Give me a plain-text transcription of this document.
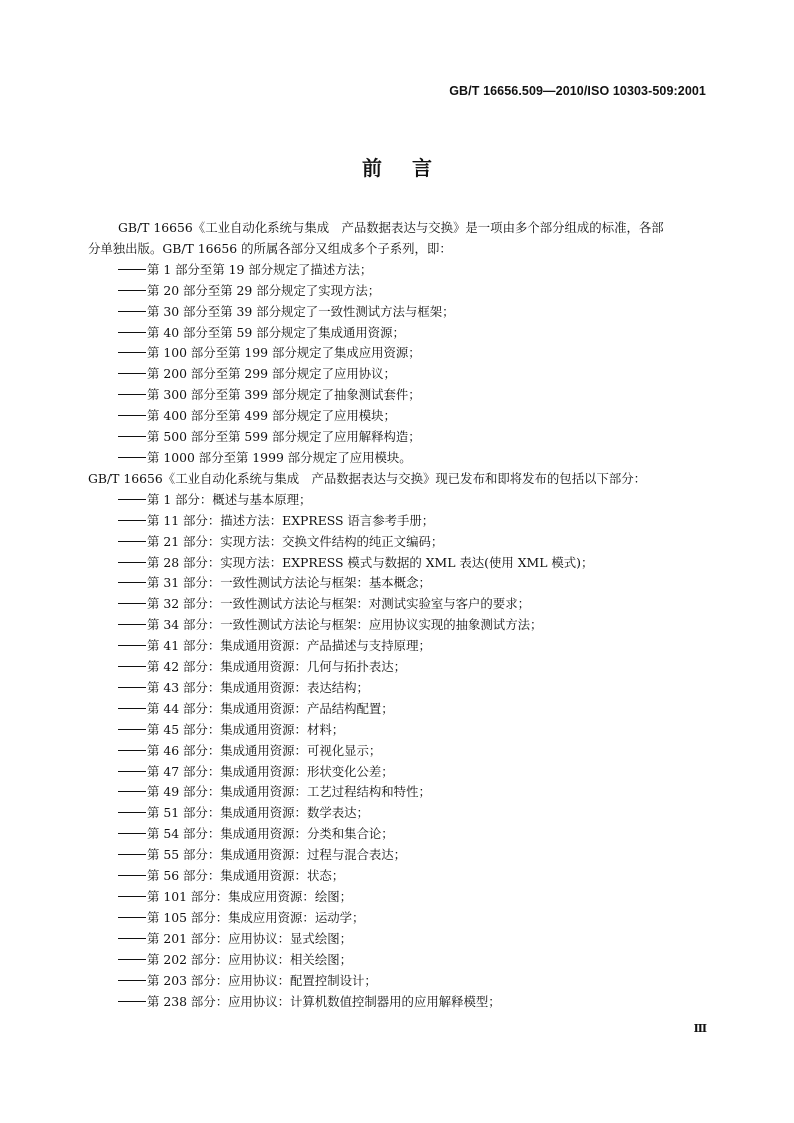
GB/T 16656.509—2010/ISO 10303-509:2001
前言
GB/T 16656《工业自动化系统与集成　产品数据表达与交换》是一项由多个部分组成的标准，各部
分单独出版。GB/T 16656 的所属各部分又组成多个子系列，即：
第 1 部分至第 19 部分规定了描述方法；
第 20 部分至第 29 部分规定了实现方法；
第 30 部分至第 39 部分规定了一致性测试方法与框架；
第 40 部分至第 59 部分规定了集成通用资源；
第 100 部分至第 199 部分规定了集成应用资源；
第 200 部分至第 299 部分规定了应用协议；
第 300 部分至第 399 部分规定了抽象测试套件；
第 400 部分至第 499 部分规定了应用模块；
第 500 部分至第 599 部分规定了应用解释构造；
第 1000 部分至第 1999 部分规定了应用模块。
GB/T 16656《工业自动化系统与集成　产品数据表达与交换》现已发布和即将发布的包括以下部分：
第 1 部分：概述与基本原理；
第 11 部分：描述方法：EXPRESS 语言参考手册；
第 21 部分：实现方法：交换文件结构的纯正文编码；
第 28 部分：实现方法：EXPRESS 模式与数据的 XML 表达(使用 XML 模式)；
第 31 部分：一致性测试方法论与框架：基本概念；
第 32 部分：一致性测试方法论与框架：对测试实验室与客户的要求；
第 34 部分：一致性测试方法论与框架：应用协议实现的抽象测试方法；
第 41 部分：集成通用资源：产品描述与支持原理；
第 42 部分：集成通用资源：几何与拓扑表达；
第 43 部分：集成通用资源：表达结构；
第 44 部分：集成通用资源：产品结构配置；
第 45 部分：集成通用资源：材料；
第 46 部分：集成通用资源：可视化显示；
第 47 部分：集成通用资源：形状变化公差；
第 49 部分：集成通用资源：工艺过程结构和特性；
第 51 部分：集成通用资源：数学表达；
第 54 部分：集成通用资源：分类和集合论；
第 55 部分：集成通用资源：过程与混合表达；
第 56 部分：集成通用资源：状态；
第 101 部分：集成应用资源：绘图；
第 105 部分：集成应用资源：运动学；
第 201 部分：应用协议：显式绘图；
第 202 部分：应用协议：相关绘图；
第 203 部分：应用协议：配置控制设计；
第 238 部分：应用协议：计算机数值控制器用的应用解释模型；
Ⅲ
